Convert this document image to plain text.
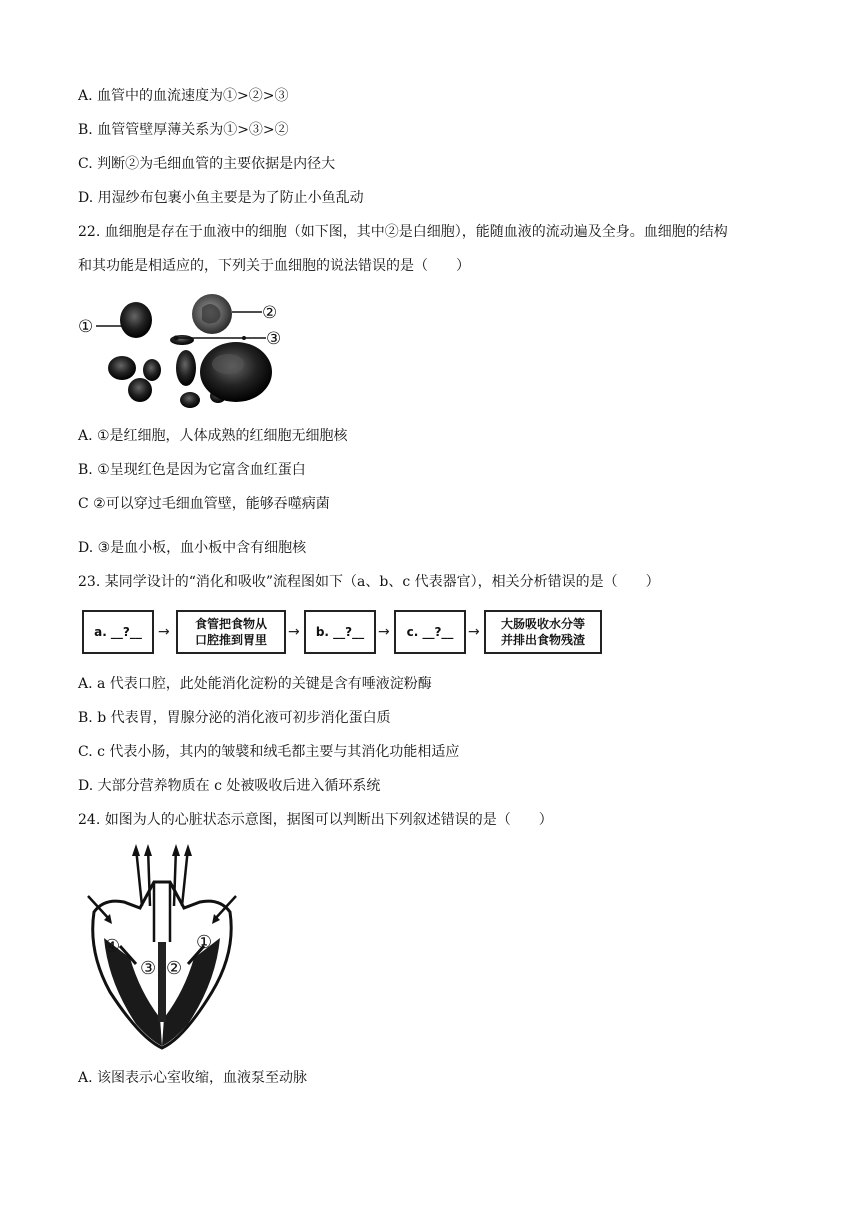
A. 血管中的血流速度为①>②>③
B. 血管管壁厚薄关系为①>③>②
C. 判断②为毛细血管的主要依据是内径大
D. 用湿纱布包裹小鱼主要是为了防止小鱼乱动
22. 血细胞是存在于血液中的细胞（如下图，其中②是白细胞），能随血液的流动遍及全身。血细胞的结构
和其功能是相适应的，下列关于血细胞的说法错误的是（　　）
①
②
③
A. ①是红细胞，人体成熟的红细胞无细胞核
B. ①呈现红色是因为它富含血红蛋白
C ②可以穿过毛细血管壁，能够吞噬病菌
D. ③是血小板，血小板中含有细胞核
23. 某同学设计的“消化和吸收”流程图如下（a、b、c 代表器官），相关分析错误的是（　　）
a. __?__ → 食管把食物从
口腔推到胃里 → b. __?__ → c. __?__ → 大肠吸收水分等
并排出食物残渣
A. a 代表口腔，此处能消化淀粉的关键是含有唾液淀粉酶
B. b 代表胃，胃腺分泌的消化液可初步消化蛋白质
C. c 代表小肠，其内的皱襞和绒毛都主要与其消化功能相适应
D. 大部分营养物质在 c 处被吸收后进入循环系统
24. 如图为人的心脏状态示意图，据图可以判断出下列叙述错误的是（　　）
④
③ ②
①
A. 该图表示心室收缩，血液泵至动脉
